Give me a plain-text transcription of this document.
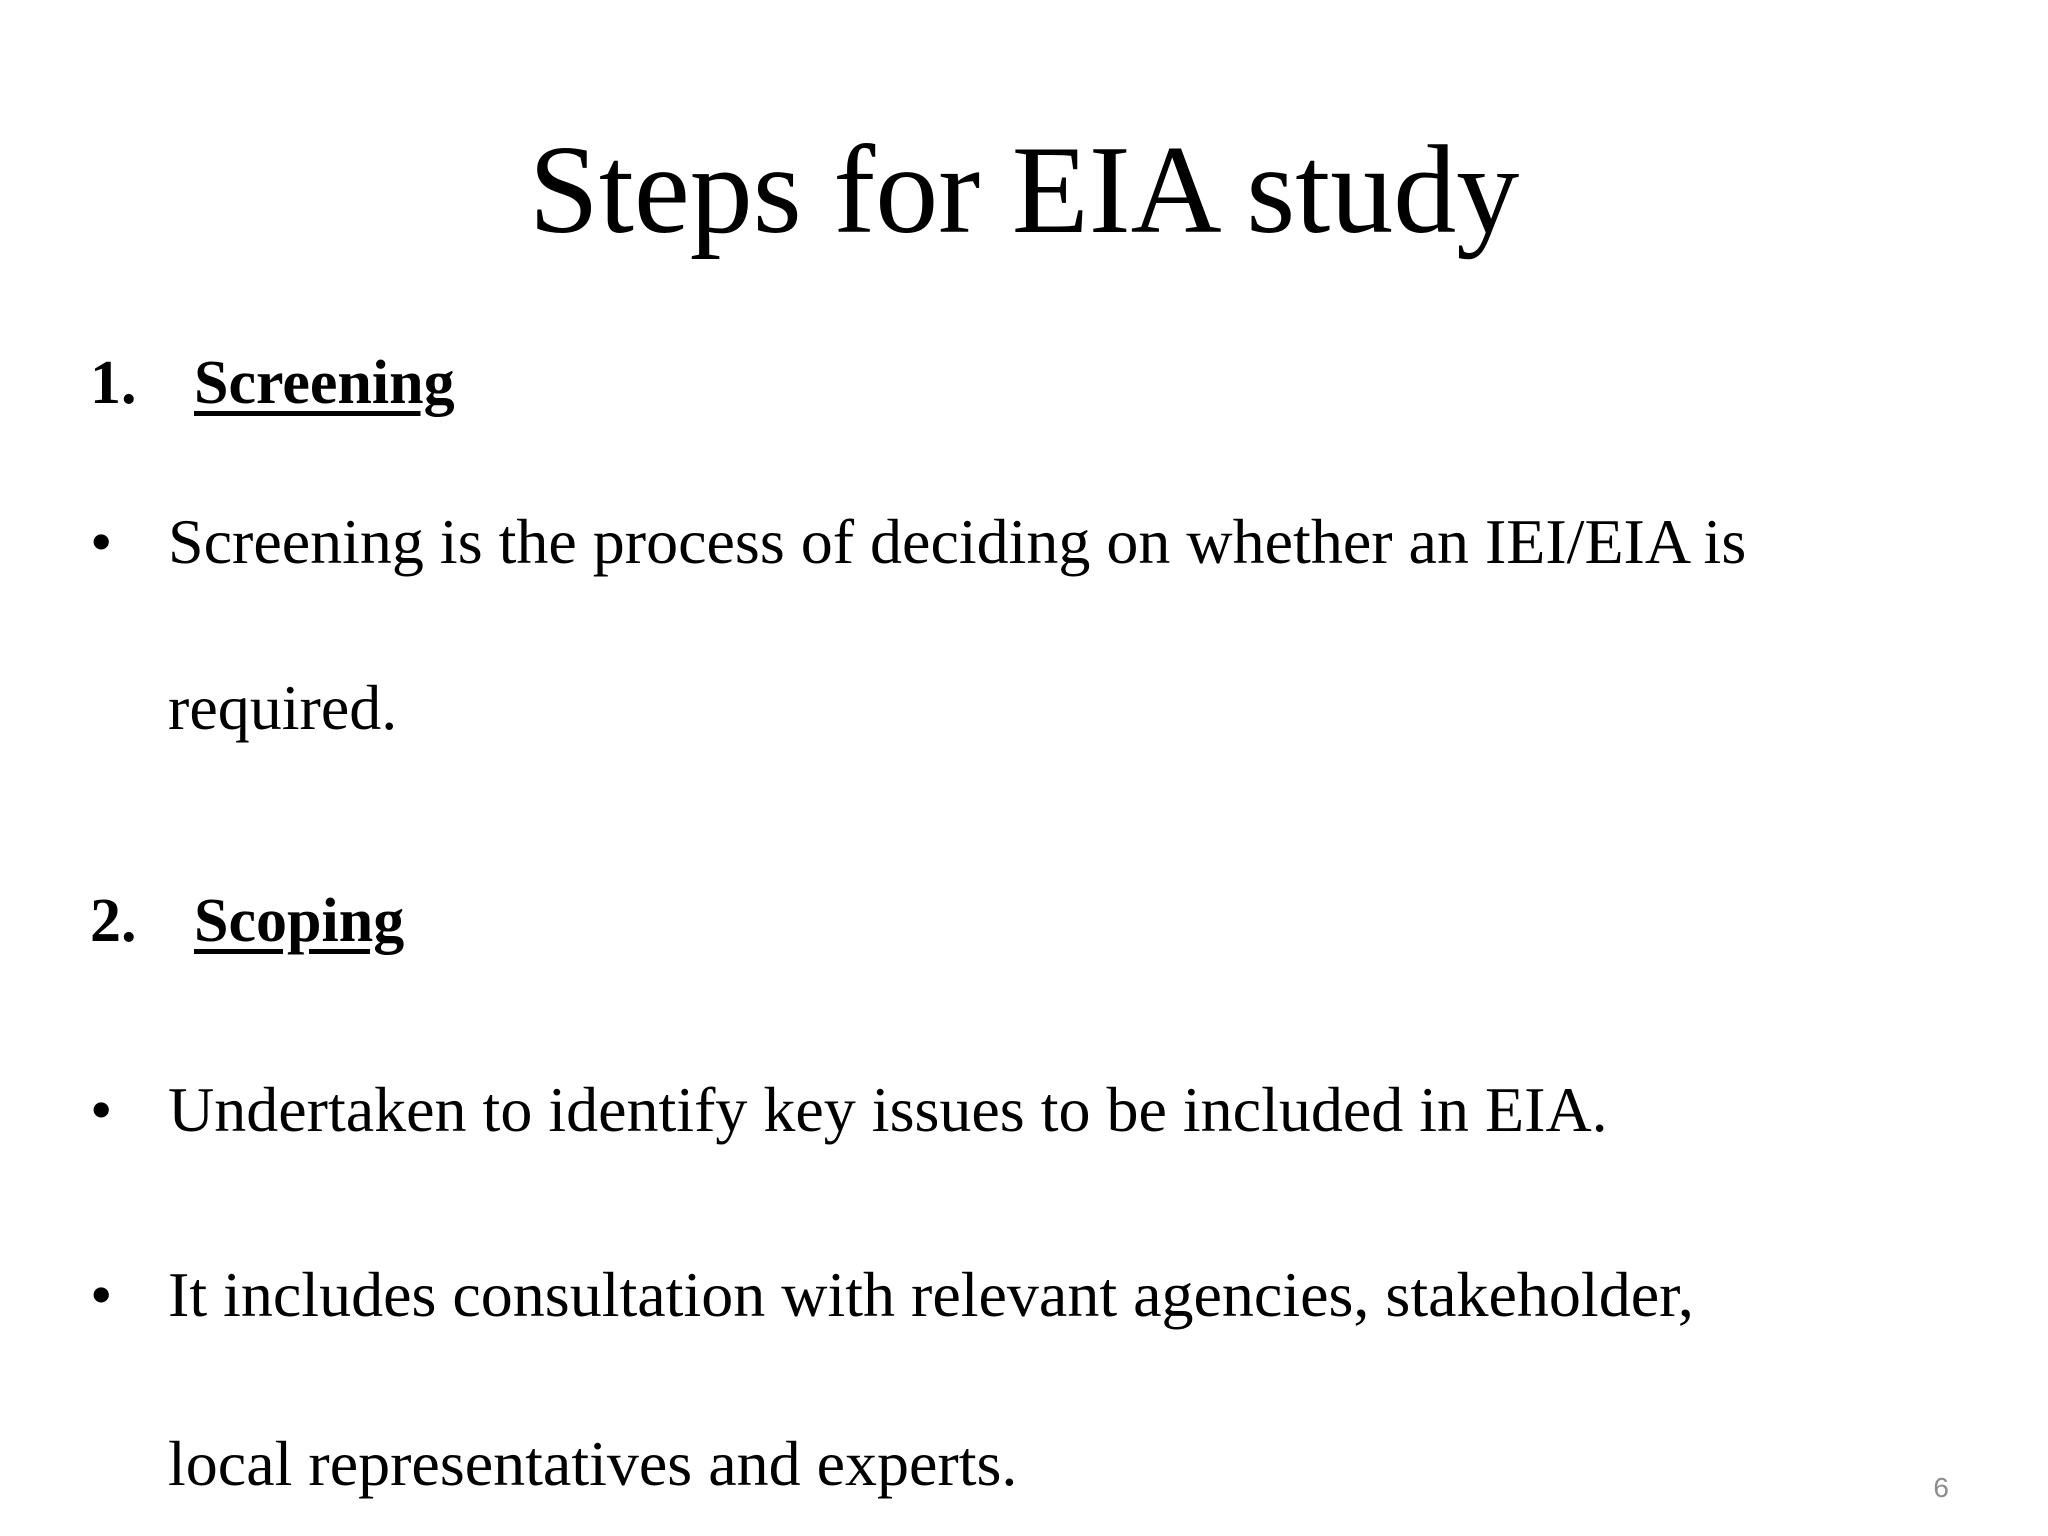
Steps for EIA study
1. Screening
• Screening is the process of deciding on whether an IEI/EIA is
required.
2. Scoping
• Undertaken to identify key issues to be included in EIA.
• It includes consultation with relevant agencies, stakeholder,
local representatives and experts.	6
